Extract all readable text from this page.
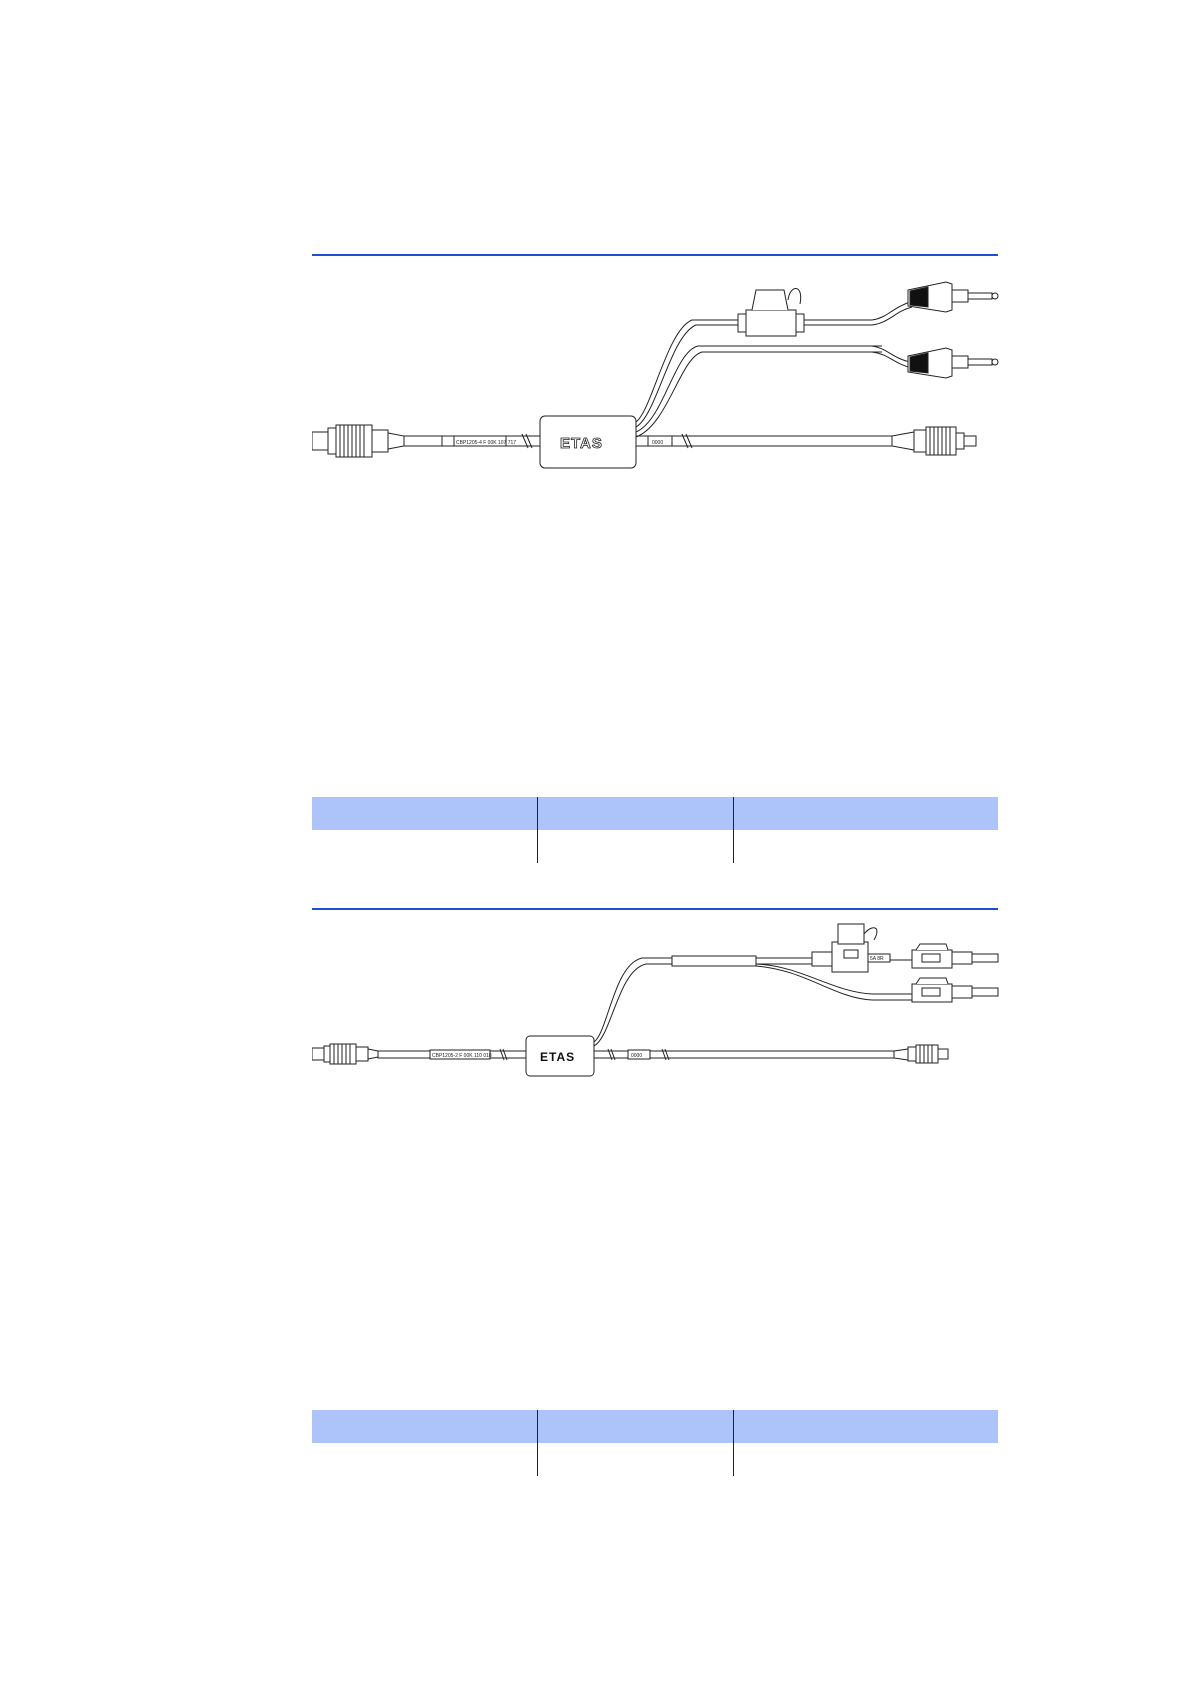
CBP1205-4 F 00K 107 717	ETAS	0000
CBP1205-2 F 00K 110 018	ETAS	0000
5A 8R
